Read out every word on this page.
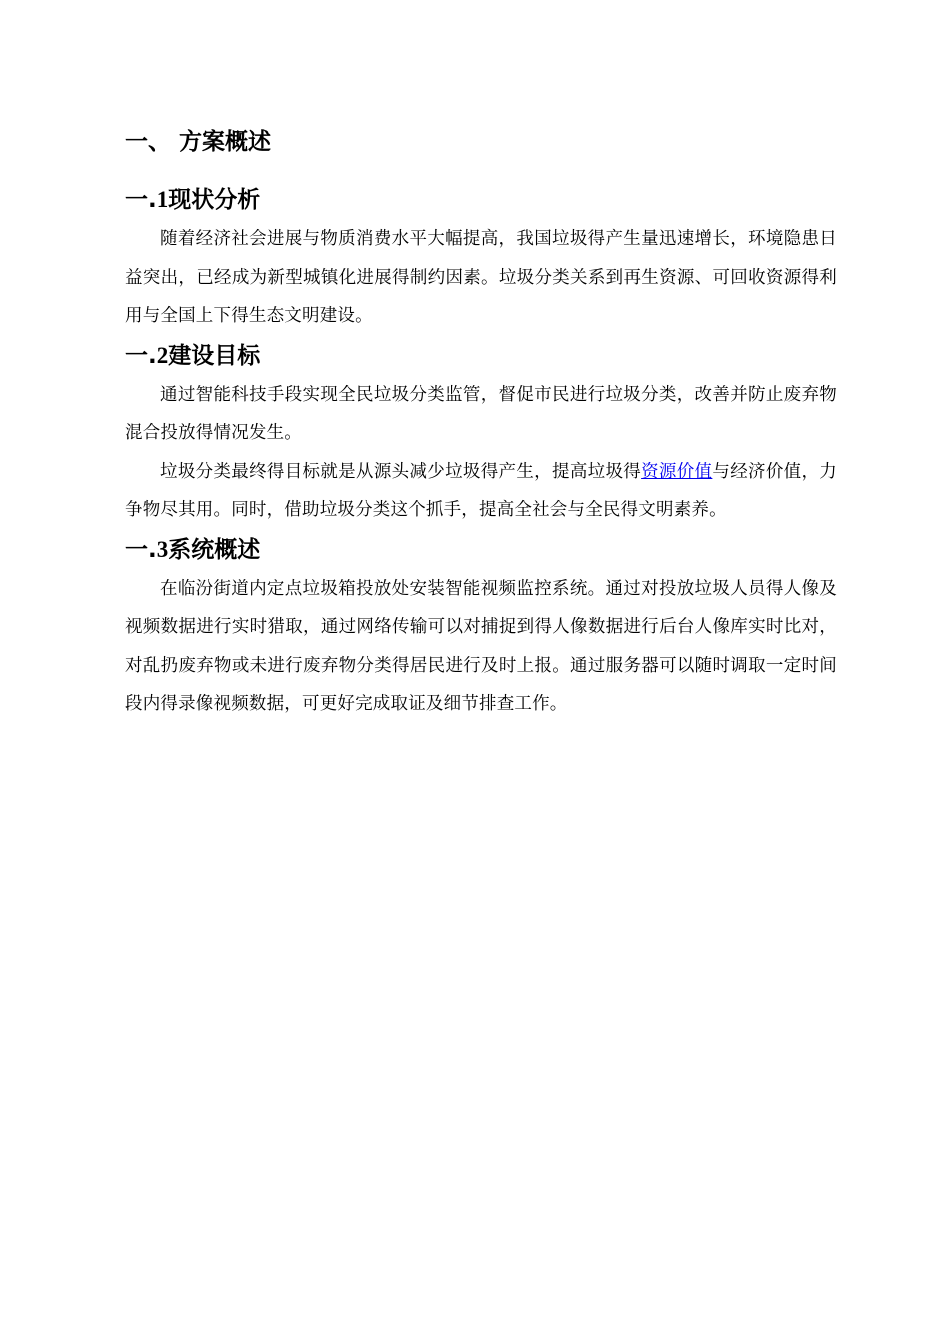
一、 方案概述
一.1现状分析

随着经济社会进展与物质消费水平大幅提高，我国垃圾得产生量迅速增长，环境隐患日益突出，已经成为新型城镇化进展得制约因素。垃圾分类关系到再生资源、可回收资源得利用与全国上下得生态文明建设。

一.2建设目标

通过智能科技手段实现全民垃圾分类监管，督促市民进行垃圾分类，改善并防止废弃物混合投放得情况发生。

垃圾分类最终得目标就是从源头减少垃圾得产生，提高垃圾得资源价值与经济价值，力争物尽其用。同时，借助垃圾分类这个抓手，提高全社会与全民得文明素养。

一.3系统概述

在临汾街道内定点垃圾箱投放处安装智能视频监控系统。通过对投放垃圾人员得人像及视频数据进行实时猎取，通过网络传输可以对捕捉到得人像数据进行后台人像库实时比对，对乱扔废弃物或未进行废弃物分类得居民进行及时上报。通过服务器可以随时调取一定时间段内得录像视频数据，可更好完成取证及细节排查工作。
